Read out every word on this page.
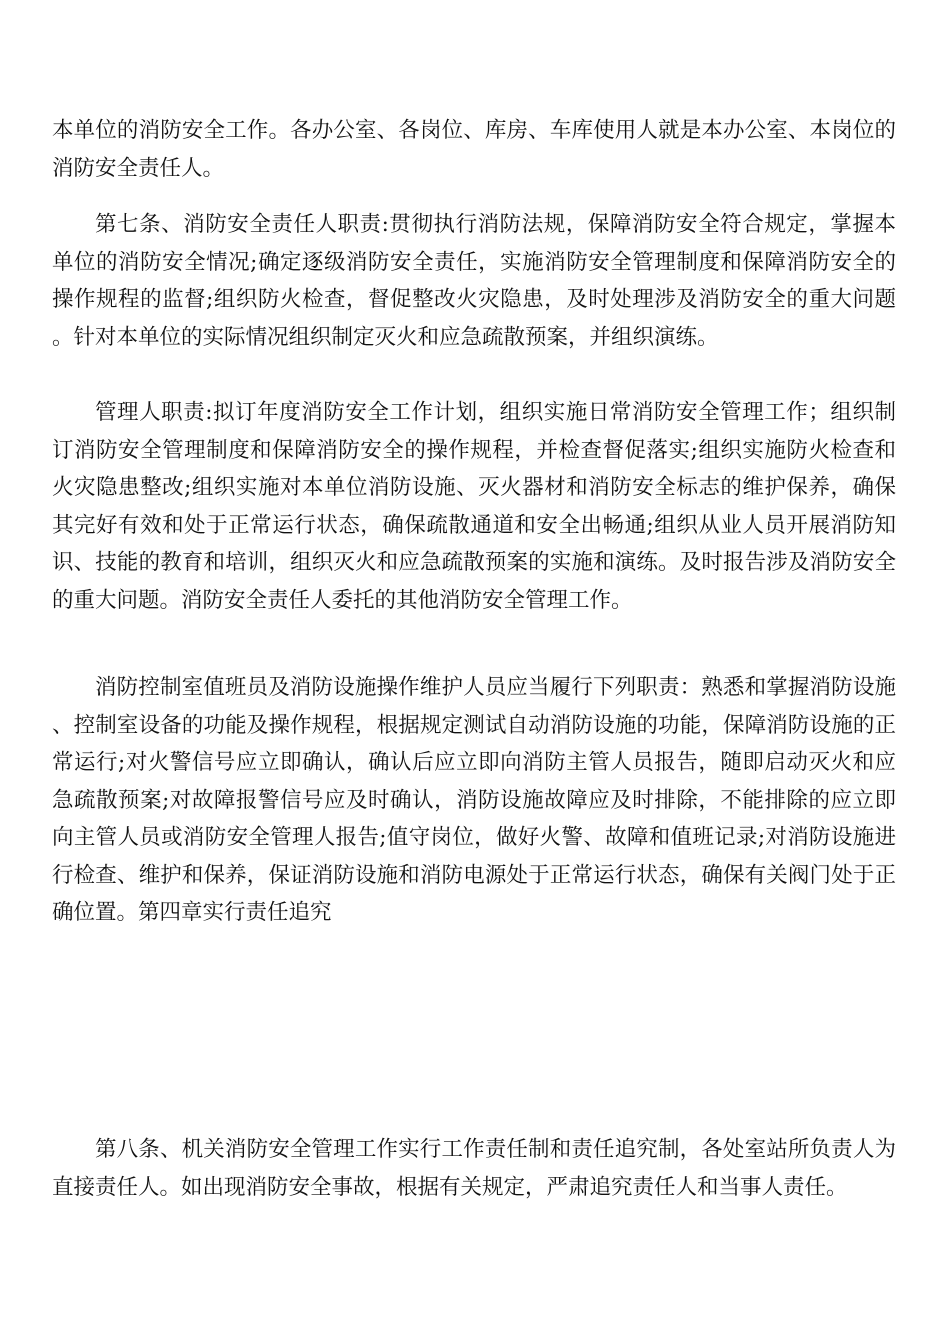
本单位的消防安全工作。各办公室、各岗位、库房、车库使用人就是本办公室、本岗位的消防安全责任人。

第七条、消防安全责任人职责:贯彻执行消防法规，保障消防安全符合规定，掌握本单位的消防安全情况;确定逐级消防安全责任，实施消防安全管理制度和保障消防安全的操作规程的监督;组织防火检查，督促整改火灾隐患，及时处理涉及消防安全的重大问题。针对本单位的实际情况组织制定灭火和应急疏散预案，并组织演练。

管理人职责:拟订年度消防安全工作计划，组织实施日常消防安全管理工作；组织制订消防安全管理制度和保障消防安全的操作规程，并检查督促落实;组织实施防火检查和火灾隐患整改;组织实施对本单位消防设施、灭火器材和消防安全标志的维护保养，确保其完好有效和处于正常运行状态，确保疏散通道和安全出畅通;组织从业人员开展消防知识、技能的教育和培训，组织灭火和应急疏散预案的实施和演练。及时报告涉及消防安全的重大问题。消防安全责任人委托的其他消防安全管理工作。

消防控制室值班员及消防设施操作维护人员应当履行下列职责：熟悉和掌握消防设施、控制室设备的功能及操作规程，根据规定测试自动消防设施的功能，保障消防设施的正常运行;对火警信号应立即确认，确认后应立即向消防主管人员报告，随即启动灭火和应急疏散预案;对故障报警信号应及时确认，消防设施故障应及时排除，不能排除的应立即向主管人员或消防安全管理人报告;值守岗位，做好火警、故障和值班记录;对消防设施进行检查、维护和保养，保证消防设施和消防电源处于正常运行状态，确保有关阀门处于正确位置。第四章实行责任追究

第八条、机关消防安全管理工作实行工作责任制和责任追究制，各处室站所负责人为直接责任人。如出现消防安全事故，根据有关规定，严肃追究责任人和当事人责任。
